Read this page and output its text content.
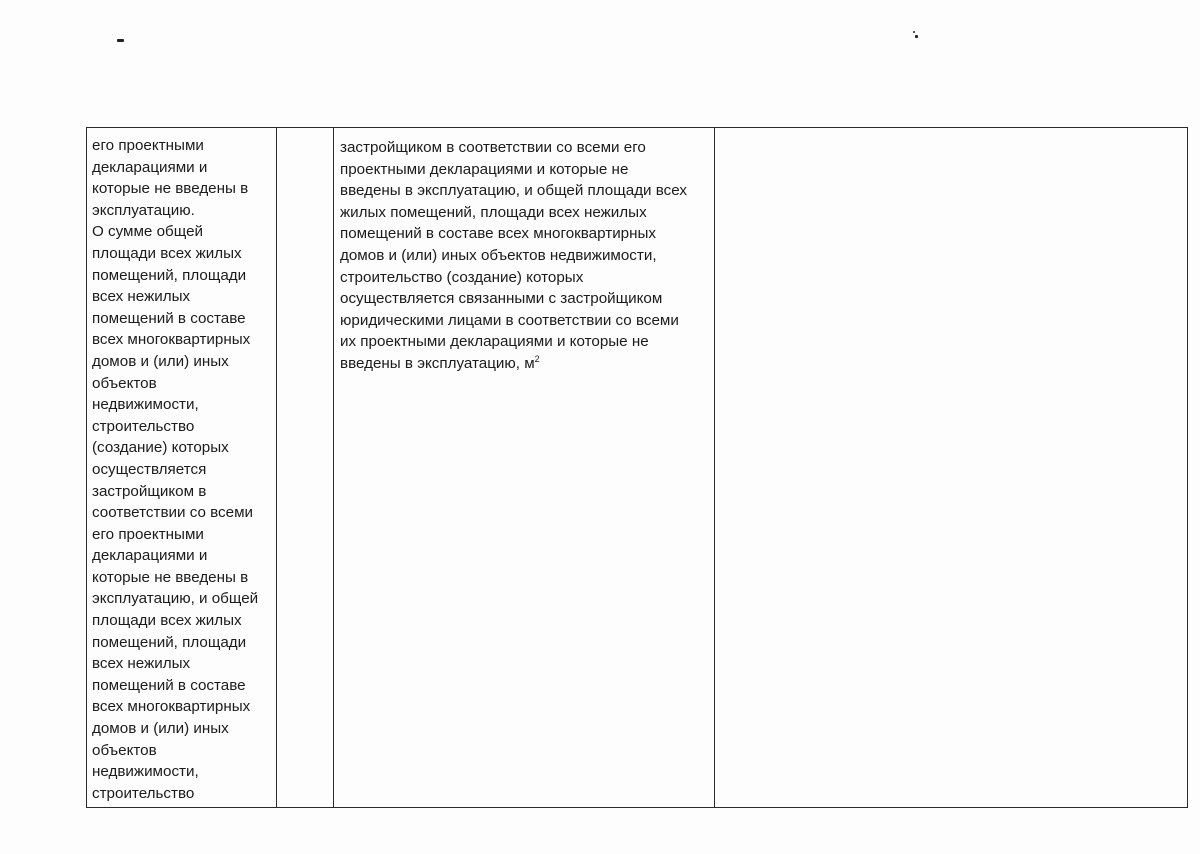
его проектными
декларациями и
которые не введены в
эксплуатацию.
О сумме общей
площади всех жилых
помещений, площади
всех нежилых
помещений в составе
всех многоквартирных
домов и (или) иных
объектов
недвижимости,
строительство
(создание) которых
осуществляется
застройщиком в
соответствии со всеми
его проектными
декларациями и
которые не введены в
эксплуатацию, и общей
площади всех жилых
помещений, площади
всех нежилых
помещений в составе
всех многоквартирных
домов и (или) иных
объектов
недвижимости,
строительство
застройщиком в соответствии со всеми его
проектными декларациями и которые не
введены в эксплуатацию, и общей площади всех
жилых помещений, площади всех нежилых
помещений в составе всех многоквартирных
домов и (или) иных объектов недвижимости,
строительство (создание) которых
осуществляется связанными с застройщиком
юридическими лицами в соответствии со всеми
их проектными декларациями и которые не
введены в эксплуатацию, $м^2$
